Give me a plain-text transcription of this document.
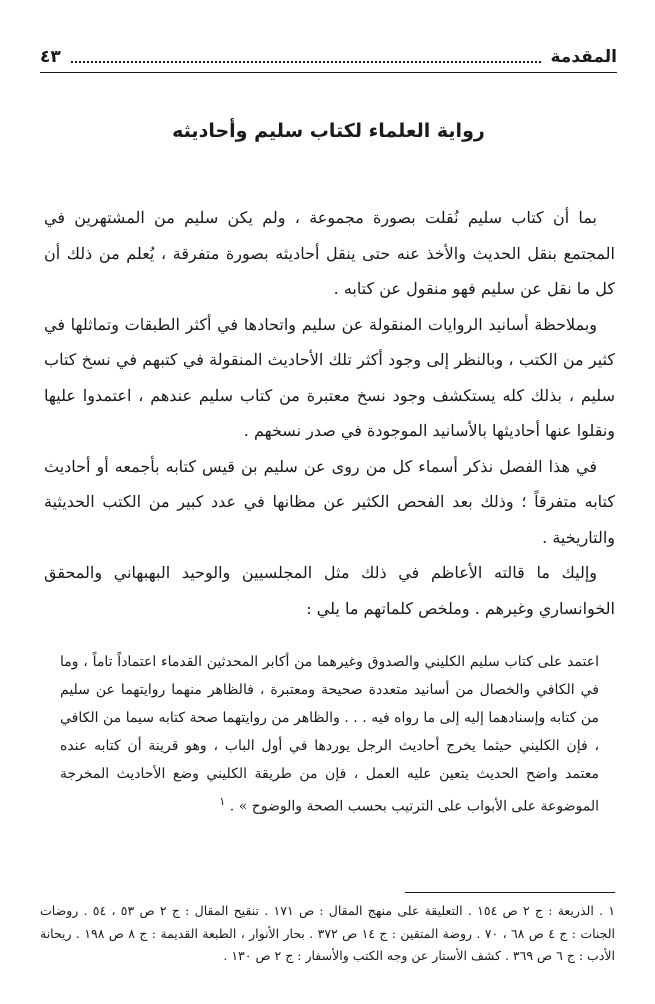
المقدمة
٤٣
رواية العلماء لكتاب سليم وأحاديثه

بما أن كتاب سليم نُقلت بصورة مجموعة ، ولم يكن سليم من المشتهرين في المجتمع بنقل الحديث والأخذ عنه حتى ينقل أحاديثه بصورة متفرقة ، يُعلم من ذلك أن كل ما نقل عن سليم فهو منقول عن كتابه .

وبملاحظة أسانيد الروايات المنقولة عن سليم واتحادها في أكثر الطبقات وتماثلها في كثير من الكتب ، وبالنظر إلى وجود أكثر تلك الأحاديث المنقولة في كتبهم في نسخ كتاب سليم ، بذلك كله يستكشف وجود نسخ معتبرة من كتاب سليم عندهم ، اعتمدوا عليها ونقلوا عنها أحاديثها بالأسانيد الموجودة في صدر نسخهم .

في هذا الفصل نذكر أسماء كل من روى عن سليم بن قيس كتابه بأجمعه أو أحاديث كتابه متفرقاً ؛ وذلك بعد الفحص الكثير عن مظانها في عدد كبير من الكتب الحديثية والتاريخية .

وإليك ما قالته الأعاظم في ذلك مثل المجلسيين والوحيد البهبهاني والمحقق الخوانساري وغيرهم . وملخص كلماتهم ما يلي :

اعتمد على كتاب سليم الكليني والصدوق وغيرهما من أكابر المحدثين القدماء اعتماداً تاماً ، وما في الكافي والخصال من أسانيد متعددة صحيحة ومعتبرة ، فالظاهر منهما روايتهما عن سليم من كتابه وإسنادهما إليه إلى ما رواه فيه . . . والظاهر من روايتهما صحة كتابه سيما من الكافي ، فإن الكليني حيثما يخرج أحاديث الرجل يوردها في أول الباب ، وهو قرينة أن كتابه عنده معتمد واضح الحديث يتعين عليه العمل ، فإن من طريقة الكليني وضع الأحاديث المخرجة الموضوعة على الأبواب على الترتيب بحسب الصحة والوضوح » . $^١$

١ . الذريعة : ج ٢ ص ١٥٤ . التعليقة على منهج المقال : ص ١٧١ . تنقيح المقال : ج ٢ ص ٥٣ ، ٥٤ . روضات الجنات : ج ٤ ص ٦٨ ، ٧٠ . روضة المتقين : ج ١٤ ص ٣٧٢ . بحار الأنوار ، الطبعة القديمة : ج ٨ ص ١٩٨ . ريحانة الأدب : ج ٦ ص ٣٦٩ . كشف الأستار عن وجه الكتب والأسفار : ج ٢ ص ١٣٠ .
